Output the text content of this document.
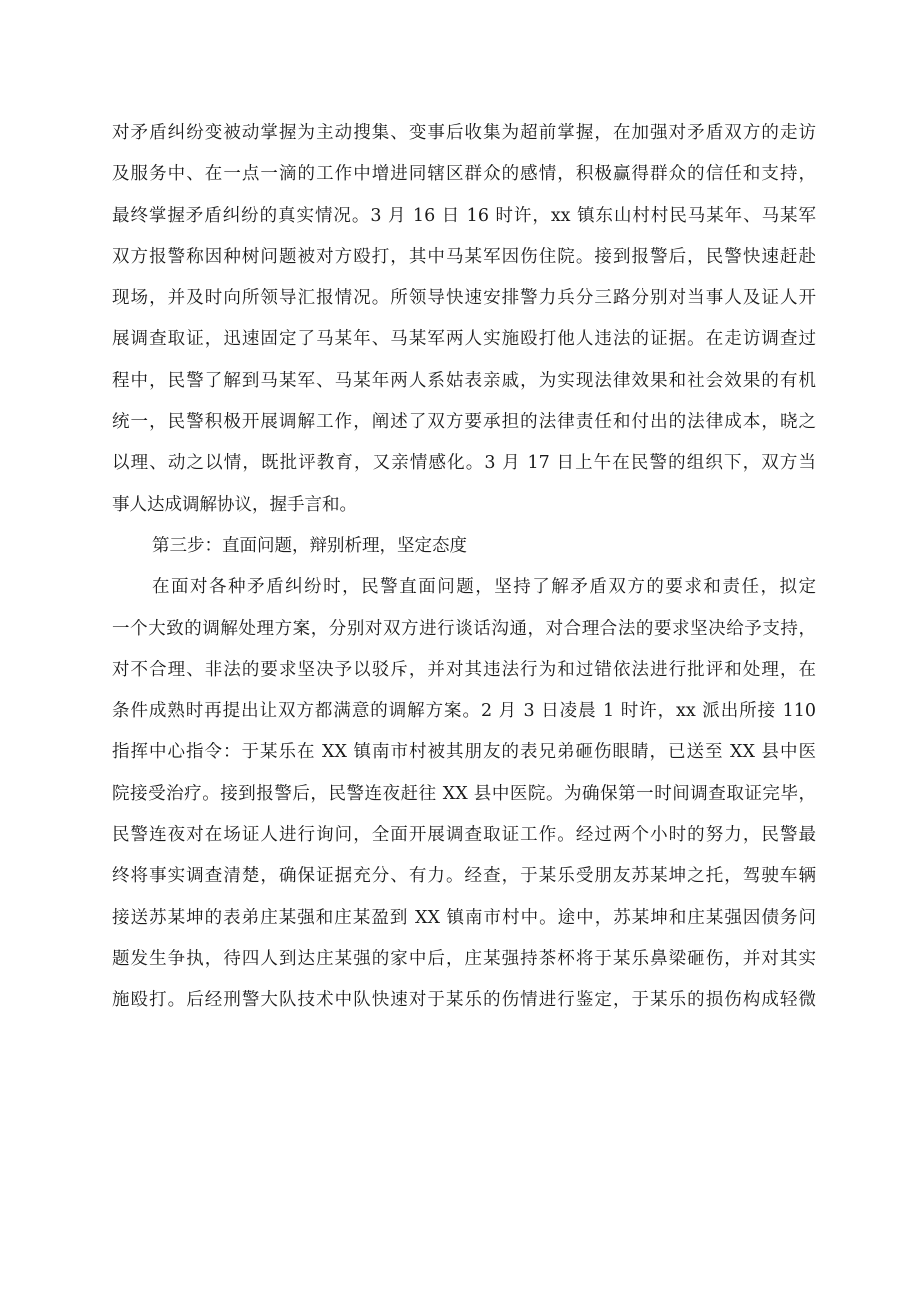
对矛盾纠纷变被动掌握为主动搜集、变事后收集为超前掌握，在加强对矛盾双方的走访
及服务中、在一点一滴的工作中增进同辖区群众的感情，积极赢得群众的信任和支持，
最终掌握矛盾纠纷的真实情况。3 月 16 日 16 时许，xx 镇东山村村民马某年、马某军
双方报警称因种树问题被对方殴打，其中马某军因伤住院。接到报警后，民警快速赶赴
现场，并及时向所领导汇报情况。所领导快速安排警力兵分三路分别对当事人及证人开
展调查取证，迅速固定了马某年、马某军两人实施殴打他人违法的证据。在走访调查过
程中，民警了解到马某军、马某年两人系姑表亲戚，为实现法律效果和社会效果的有机
统一，民警积极开展调解工作，阐述了双方要承担的法律责任和付出的法律成本，晓之
以理、动之以情，既批评教育，又亲情感化。3 月 17 日上午在民警的组织下，双方当
事人达成调解协议，握手言和。
第三步：直面问题，辩别析理，坚定态度
在面对各种矛盾纠纷时，民警直面问题，坚持了解矛盾双方的要求和责任，拟定
一个大致的调解处理方案，分别对双方进行谈话沟通，对合理合法的要求坚决给予支持，
对不合理、非法的要求坚决予以驳斥，并对其违法行为和过错依法进行批评和处理，在
条件成熟时再提出让双方都满意的调解方案。2 月 3 日凌晨 1 时许，xx 派出所接 110
指挥中心指令：于某乐在 XX 镇南市村被其朋友的表兄弟砸伤眼睛，已送至 XX 县中医
院接受治疗。接到报警后，民警连夜赶往 XX 县中医院。为确保第一时间调查取证完毕，
民警连夜对在场证人进行询问，全面开展调查取证工作。经过两个小时的努力，民警最
终将事实调查清楚，确保证据充分、有力。经查，于某乐受朋友苏某坤之托，驾驶车辆
接送苏某坤的表弟庄某强和庄某盈到 XX 镇南市村中。途中，苏某坤和庄某强因债务问
题发生争执，待四人到达庄某强的家中后，庄某强持茶杯将于某乐鼻梁砸伤，并对其实
施殴打。后经刑警大队技术中队快速对于某乐的伤情进行鉴定，于某乐的损伤构成轻微
